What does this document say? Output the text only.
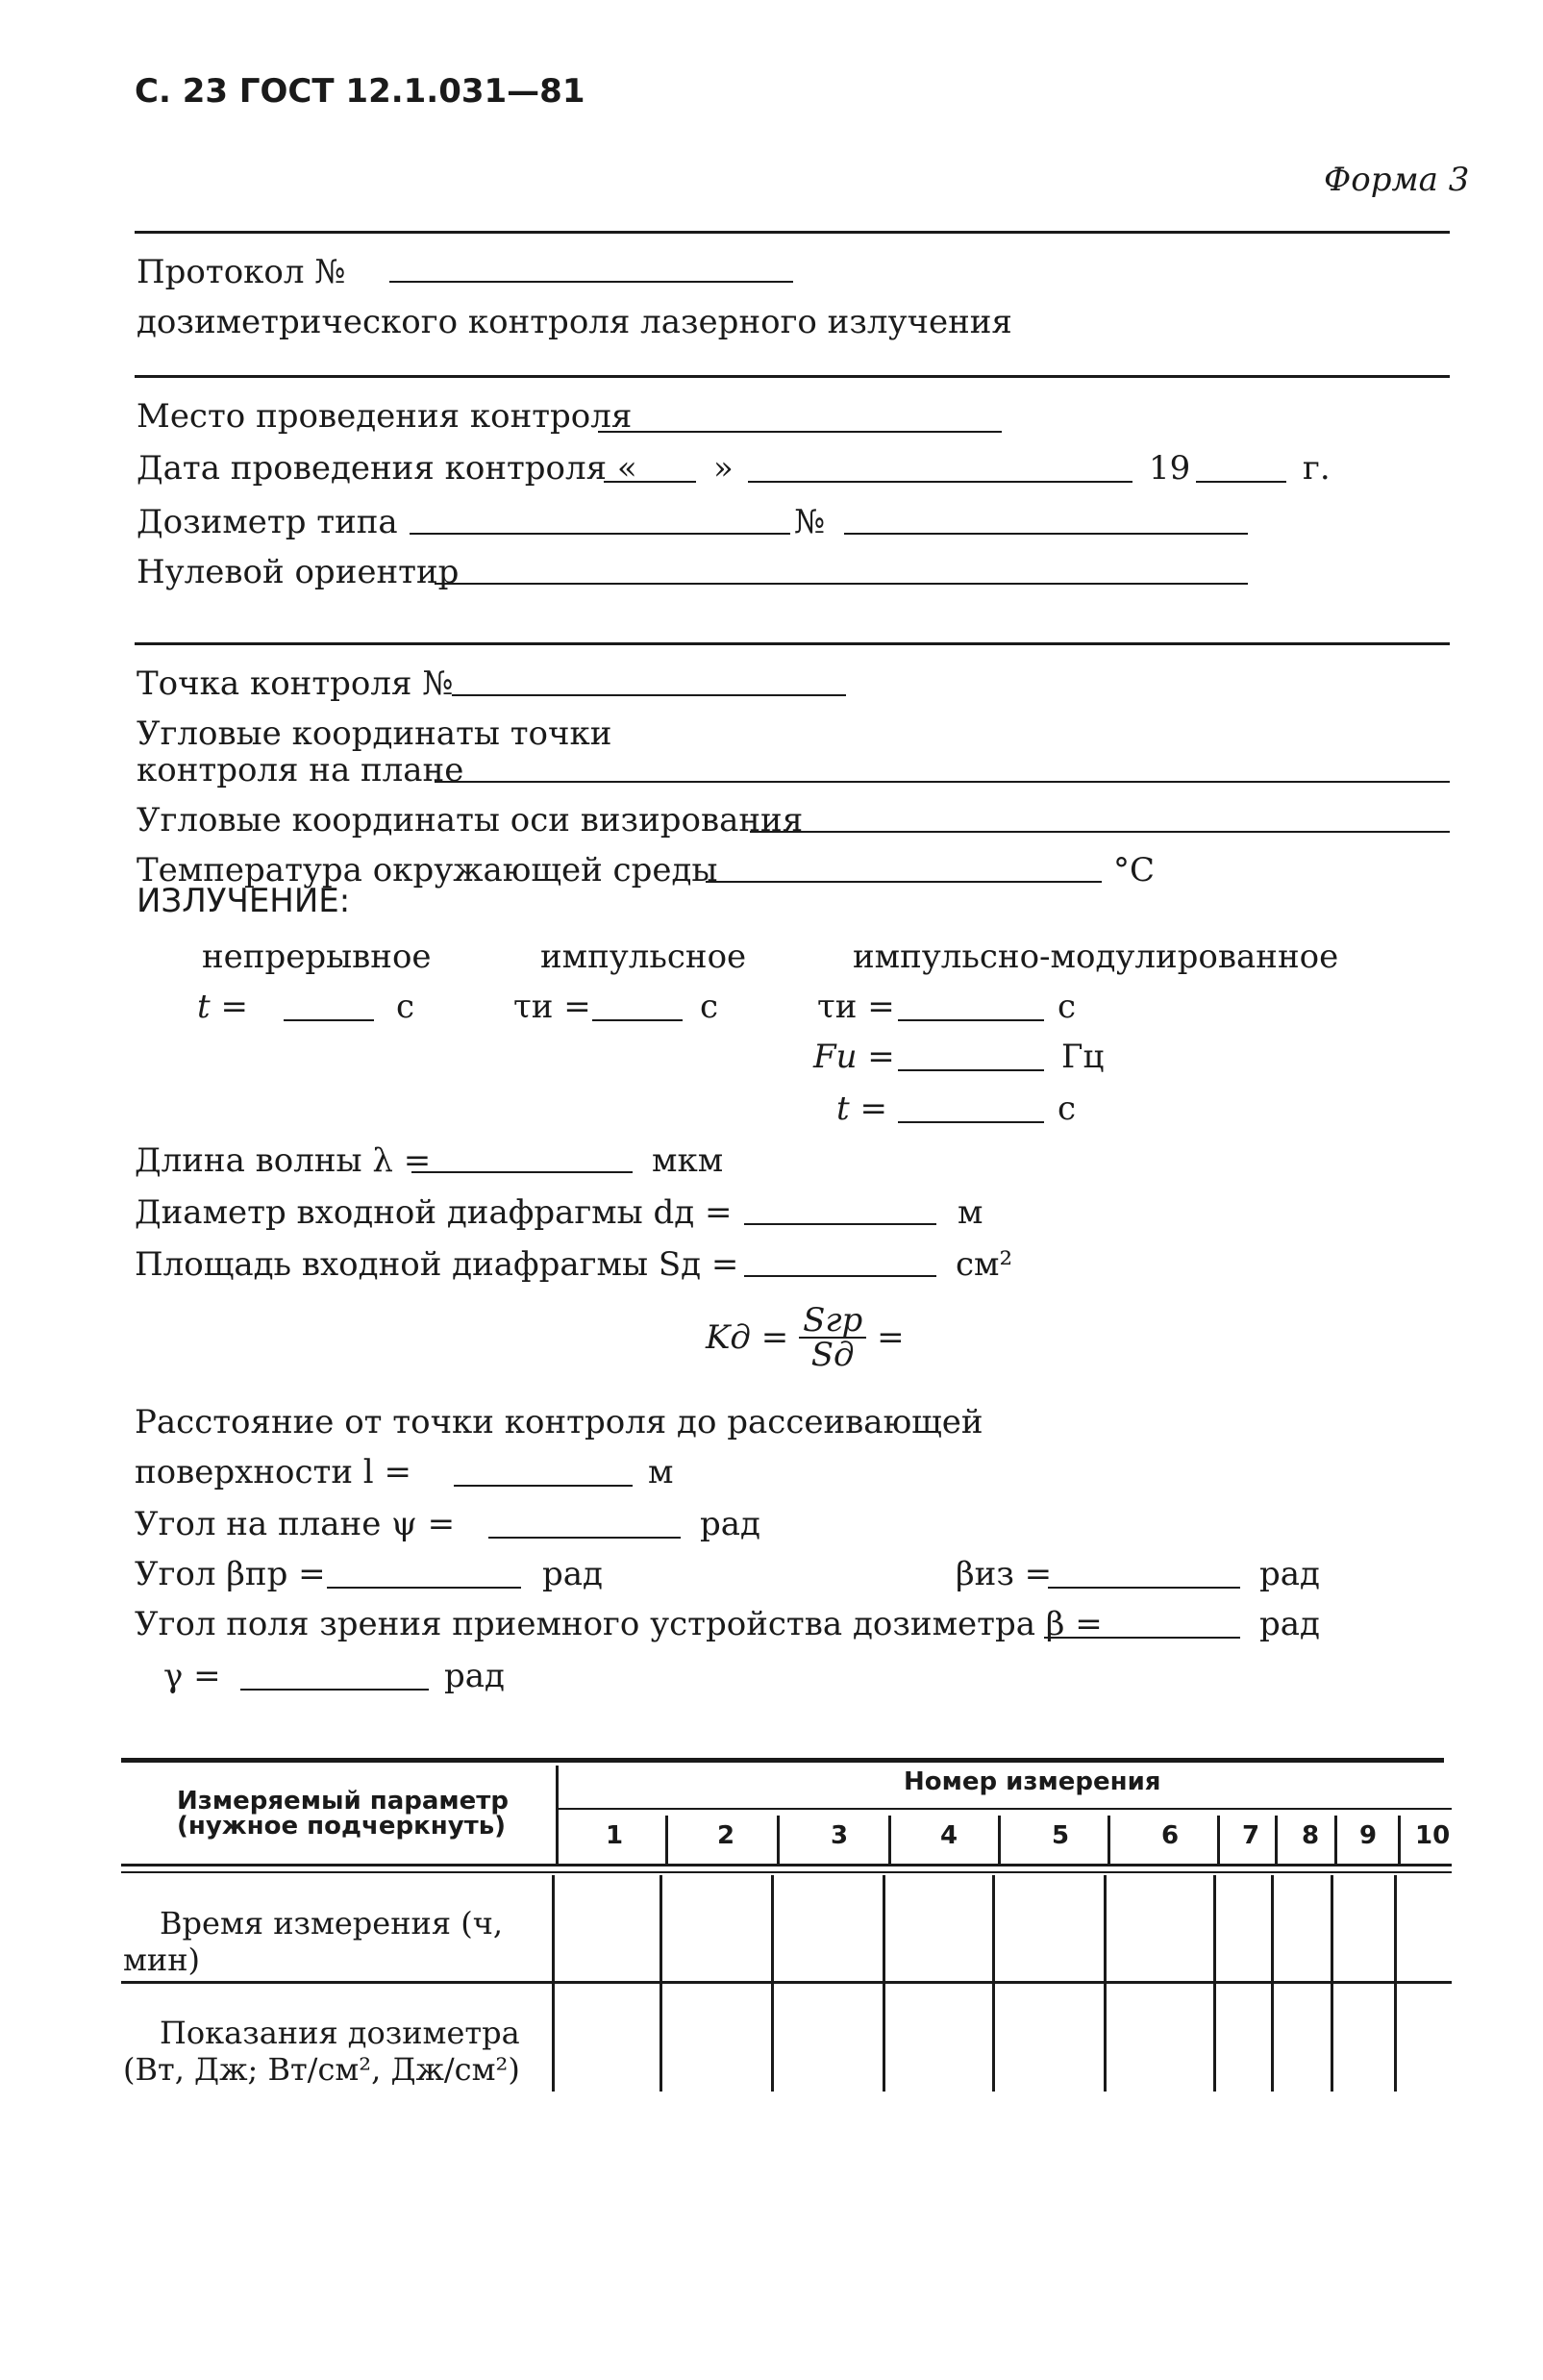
С. 23 ГОСТ 12.1.031—81
Форма 3
Протокол №
дозиметрического контроля лазерного излучения
Место проведения контроля
Дата проведения контроля « »	19	г.
Дозиметр типа	№
Нулевой ориентир
Точка контроля №
Угловые координаты точки
контроля на плане
Угловые координаты оси визирования
Температура окружающей среды	°С
ИЗЛУЧЕНИЕ:
непрерывное	импульсное	импульсно-модулированное
t =	с	τи =	с	τи =	с
Fи =	Гц
t =	с
Длина волны λ =	мкм
Диаметр входной диафрагмы dд =	м
Площадь входной диафрагмы Sд =	см²
Kд = $\frac{\text{Sгр}}{Sд}$ =
Расстояние от точки контроля до рассеивающей
поверхности l =	м
Угол на плане ψ =	рад
Угол βпр =	рад	βиз =	рад
Угол поля зрения приемного устройства дозиметра β =	рад
γ =	рад
Измеряемый параметр
(нужное подчеркнуть)
Номер измерения
1	2	3	4	5	6	7 8 9 10
Время измерения (ч,
мин)
Показания дозиметра
(Вт, Дж; Вт/см², Дж/см²)
